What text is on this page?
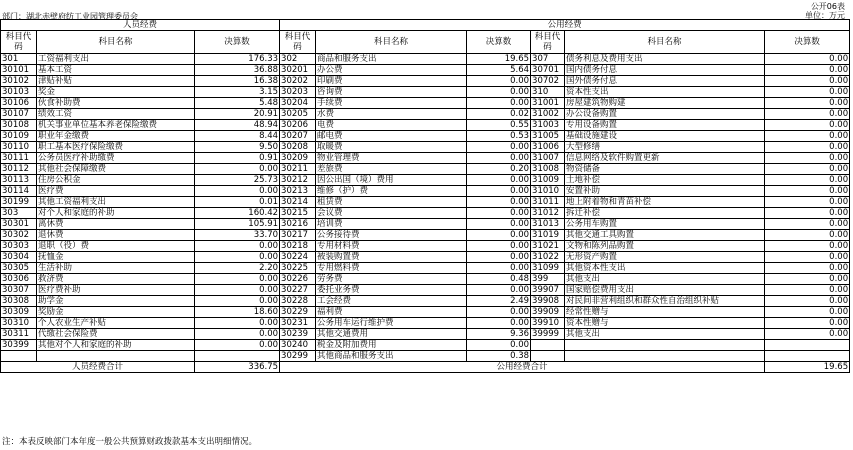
部门：湖北赤壁府纺工业园管理委员会
公开06表
单位：万元
人员经费			公用经费					
科目代码	科目名称	决算数	科目代码	科目名称	决算数	科目代码	科目名称	决算数
301	工资福利支出	176.33	302	商品和服务支出	19.65	307	债务利息及费用支出	0.00
30101	基本工资	36.88	30201	办公费	5.64	30701	国内债务付息	0.00
30102	津贴补贴	16.38	30202	印刷费	0.00	30702	国外债务付息	0.00
30103	奖金	3.15	30203	咨询费	0.00	310	资本性支出	0.00
30106	伙食补助费	5.48	30204	手续费	0.00	31001	房屋建筑物购建	0.00
30107	绩效工资	20.91	30205	水费	0.02	31002	办公设备购置	0.00
30108	机关事业单位基本养老保险缴费	48.94	30206	电费	0.55	31003	专用设备购置	0.00
30109	职业年金缴费	8.44	30207	邮电费	0.53	31005	基础设施建设	0.00
30110	职工基本医疗保险缴费	9.50	30208	取暖费	0.00	31006	大型修缮	0.00
30111	公务员医疗补助缴费	0.91	30209	物业管理费	0.00	31007	信息网络及软件购置更新	0.00
30112	其他社会保障缴费	0.00	30211	差旅费	0.20	31008	物资储备	0.00
30113	住房公积金	25.73	30212	因公出国（境）费用	0.00	31009	土地补偿	0.00
30114	医疗费	0.00	30213	维修（护）费	0.00	31010	安置补助	0.00
30199	其他工资福利支出	0.01	30214	租赁费	0.00	31011	地上附着物和青苗补偿	0.00
303	对个人和家庭的补助	160.42	30215	会议费	0.00	31012	拆迁补偿	0.00
30301	离休费	105.91	30216	培训费	0.00	31013	公务用车购置	0.00
30302	退休费	33.70	30217	公务接待费	0.00	31019	其他交通工具购置	0.00
30303	退职（役）费	0.00	30218	专用材料费	0.00	31021	文物和陈列品购置	0.00
30304	抚恤金	0.00	30224	被装购置费	0.00	31022	无形资产购置	0.00
30305	生活补助	2.20	30225	专用燃料费	0.00	31099	其他资本性支出	0.00
30306	救济费	0.00	30226	劳务费	0.48	399	其他支出	0.00
30307	医疗费补助	0.00	30227	委托业务费	0.00	39907	国家赔偿费用支出	0.00
30308	助学金	0.00	30228	工会经费	2.49	39908	对民间非营利组织和群众性自治组织补贴	0.00
30309	奖励金	18.60	30229	福利费	0.00	39909	经常性赠与	0.00
30310	个人农业生产补贴	0.00	30231	公务用车运行维护费	0.00	39910	资本性赠与	0.00
30311	代缴社会保险费	0.00	30239	其他交通费用	9.36	39999	其他支出	0.00
30399	其他对个人和家庭的补助	0.00	30240	税金及附加费用	0.00			
			30299	其他商品和服务支出	0.38			
人员经费合计		336.75	公用经费合计					19.65
注：本表反映部门本年度一般公共预算财政拨款基本支出明细情况。
